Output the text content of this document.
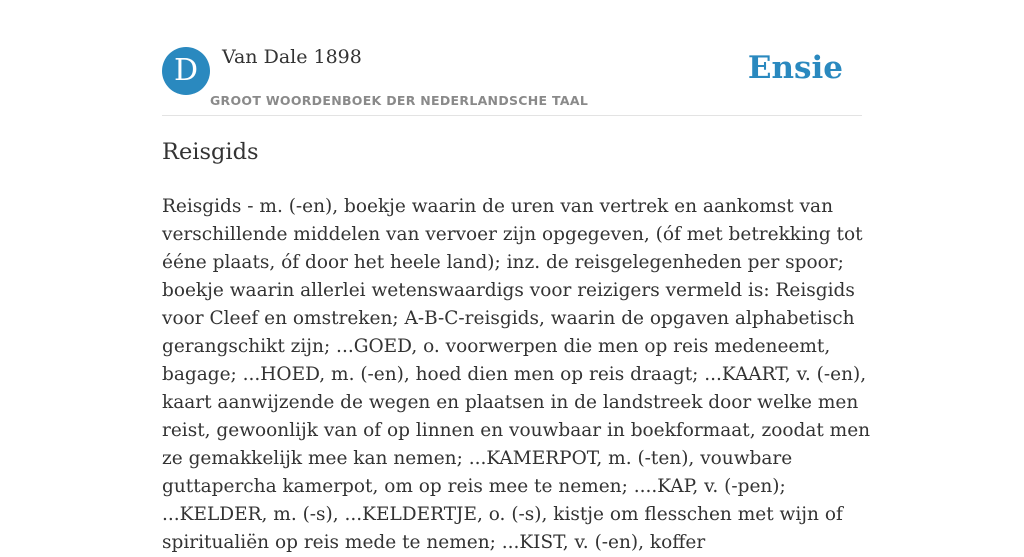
D	Van Dale 1898
GROOT WOORDENBOEK DER NEDERLANDSCHE TAAL
Ensie
Reisgids

Reisgids - m. (-en), boekje waarin de uren van vertrek en aankomst van verschillende middelen van vervoer zijn opgegeven, (óf met betrekking tot ééne plaats, óf door het heele land); inz. de reisgelegenheden per spoor; boekje waarin allerlei wetenswaardigs voor reizigers vermeld is: Reisgids voor Cleef en omstreken; A-B-C-reisgids, waarin de opgaven alphabetisch gerangschikt zijn; ...GOED, o. voorwerpen die men op reis medeneemt, bagage; ...HOED, m. (-en), hoed dien men op reis draagt; ...KAART, v. (-en), kaart aanwijzende de wegen en plaatsen in de landstreek door welke men reist, gewoonlijk van of op linnen en vouwbaar in boekformaat, zoodat men ze gemakkelijk mee kan nemen; ...KAMERPOT, m. (-ten), vouwbare guttapercha kamerpot, om op reis mee te nemen; ....KAP, v. (-pen); ...KELDER, m. (-s), ...KELDERTJE, o. (-s), kistje om flesschen met wijn of spiritualiën op reis mede te nemen; ...KIST, v. (-en), koffer
